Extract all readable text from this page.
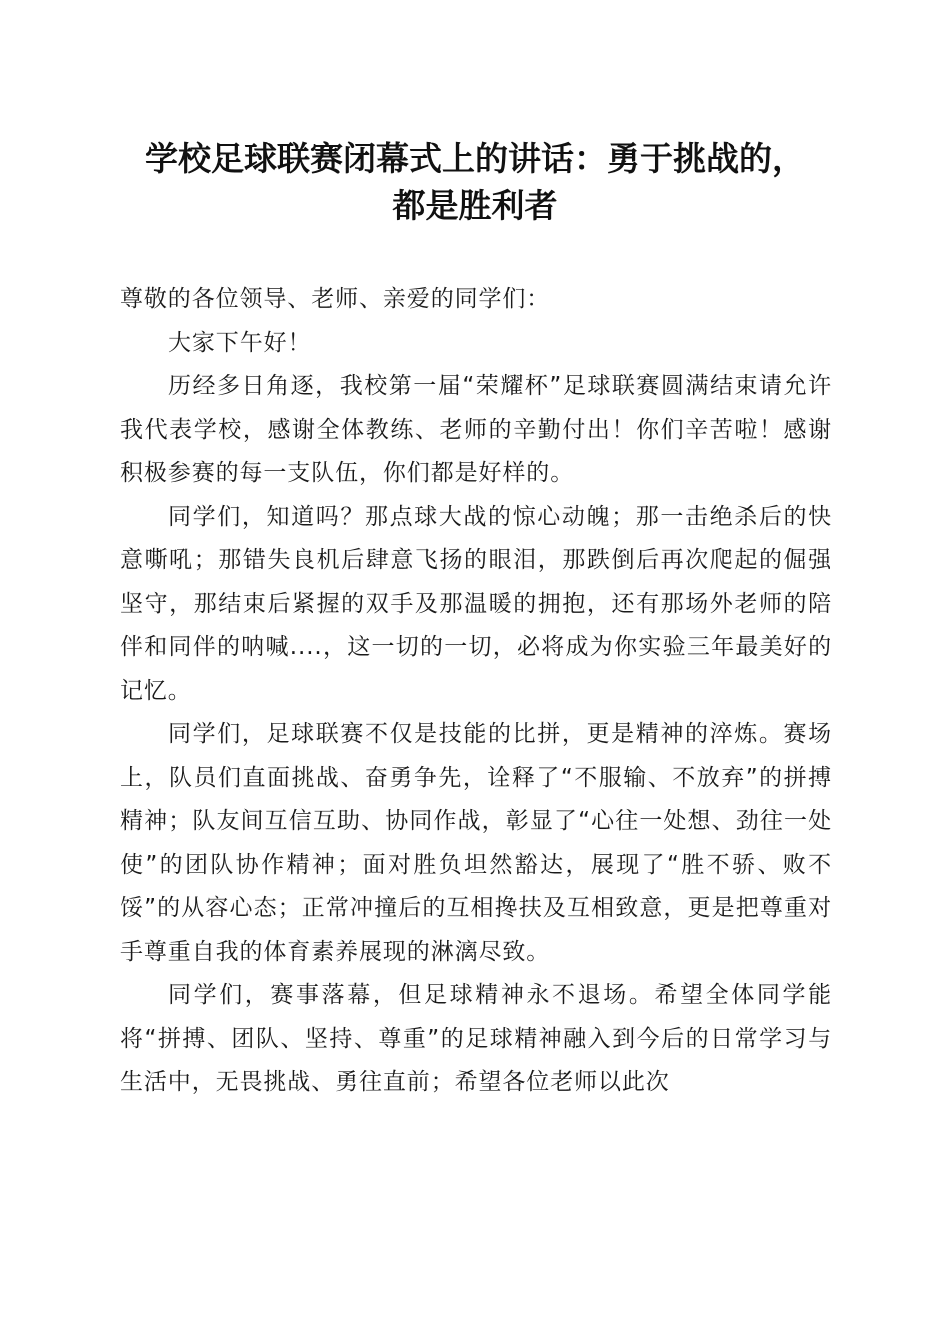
学校足球联赛闭幕式上的讲话：勇于挑战的，
都是胜利者

尊敬的各位领导、老师、亲爱的同学们：

大家下午好！

历经多日角逐，我校第一届“荣耀杯”足球联赛圆满结束请允许我代表学校，感谢全体教练、老师的辛勤付出！你们辛苦啦！感谢积极参赛的每一支队伍，你们都是好样的。

同学们，知道吗？那点球大战的惊心动魄；那一击绝杀后的快意嘶吼；那错失良机后肆意飞扬的眼泪，那跌倒后再次爬起的倔强坚守，那结束后紧握的双手及那温暖的拥抱，还有那场外老师的陪伴和同伴的呐喊....，这一切的一切，必将成为你实验三年最美好的记忆。

同学们，足球联赛不仅是技能的比拼，更是精神的淬炼。赛场上，队员们直面挑战、奋勇争先，诠释了“不服输、不放弃”的拼搏精神；队友间互信互助、协同作战，彰显了“心往一处想、劲往一处使”的团队协作精神；面对胜负坦然豁达，展现了“胜不骄、败不馁”的从容心态；正常冲撞后的互相搀扶及互相致意，更是把尊重对手尊重自我的体育素养展现的淋漓尽致。

同学们，赛事落幕，但足球精神永不退场。希望全体同学能将“拼搏、团队、坚持、尊重”的足球精神融入到今后的日常学习与生活中，无畏挑战、勇往直前；希望各位老师以此次
